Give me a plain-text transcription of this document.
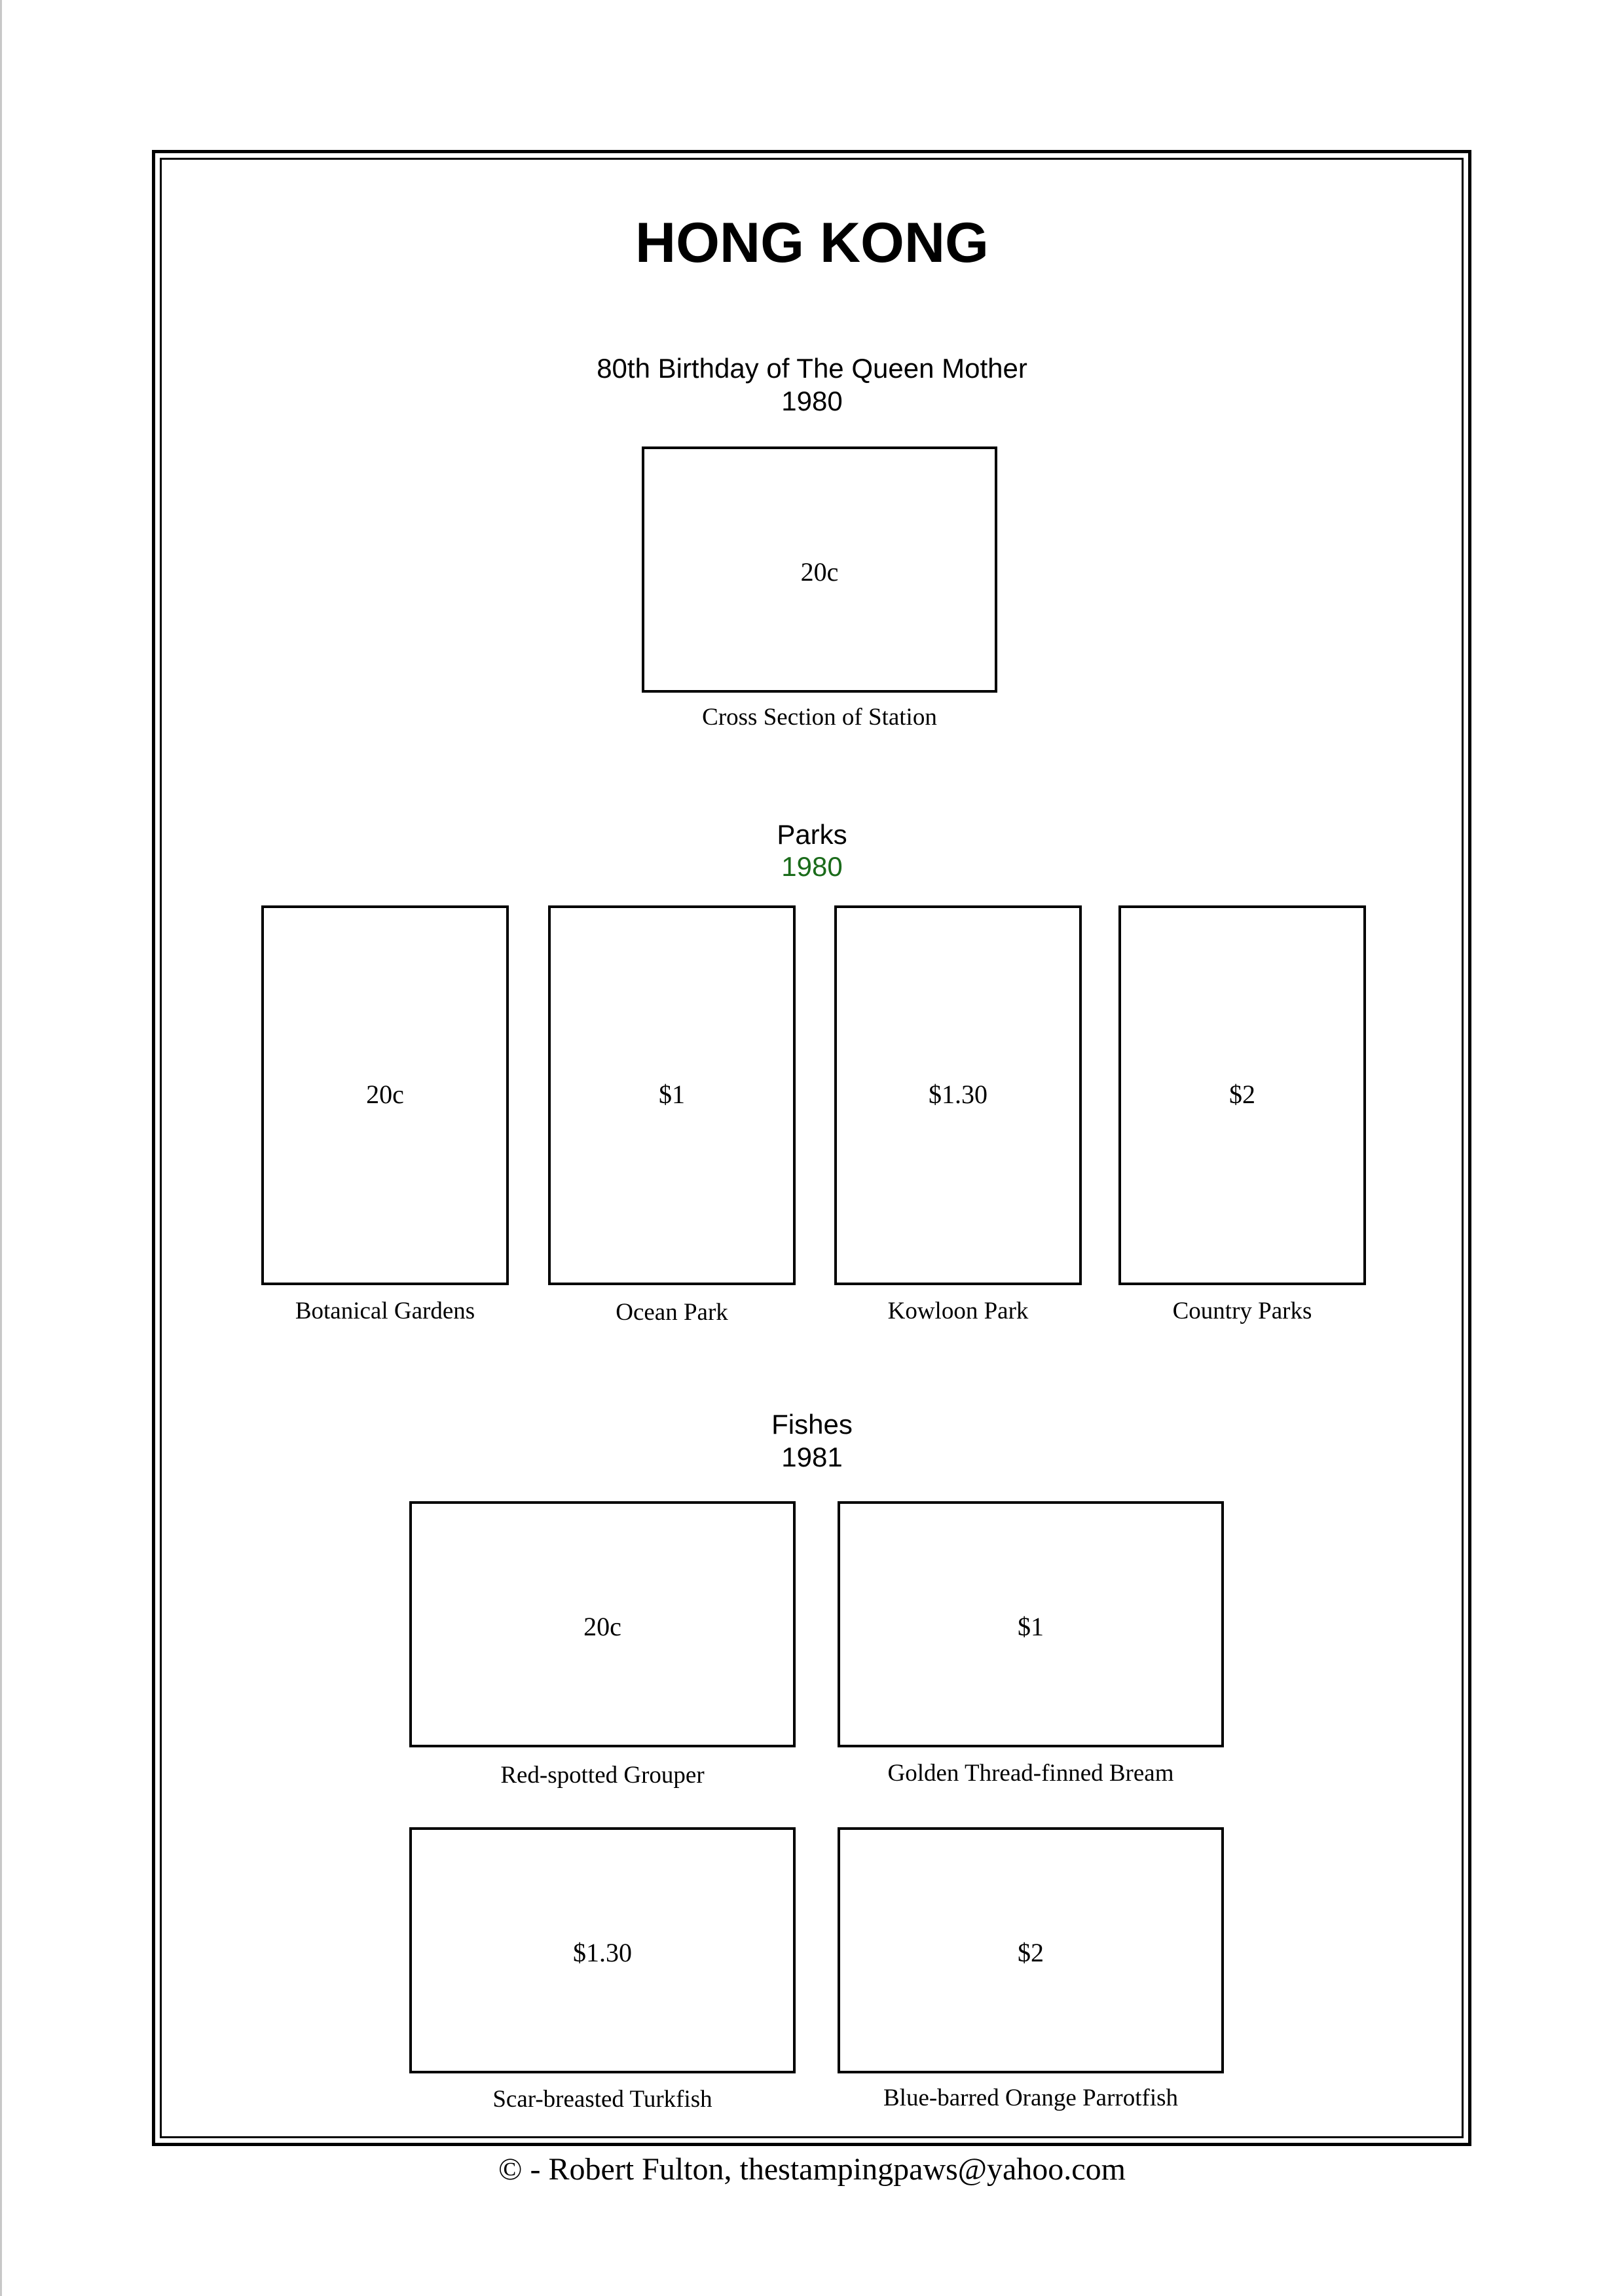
HONG KONG
80th Birthday of The Queen Mother
1980
20c
Cross Section of Station
Parks
1980
20c
Botanical Gardens
$1
Ocean Park
$1.30
Kowloon Park
$2
Country Parks
Fishes
1981
20c
Red-spotted Grouper
$1
Golden Thread-finned Bream
$1.30
Scar-breasted Turkfish
$2
Blue-barred Orange Parrotfish
© - Robert Fulton, thestampingpaws@yahoo.com
